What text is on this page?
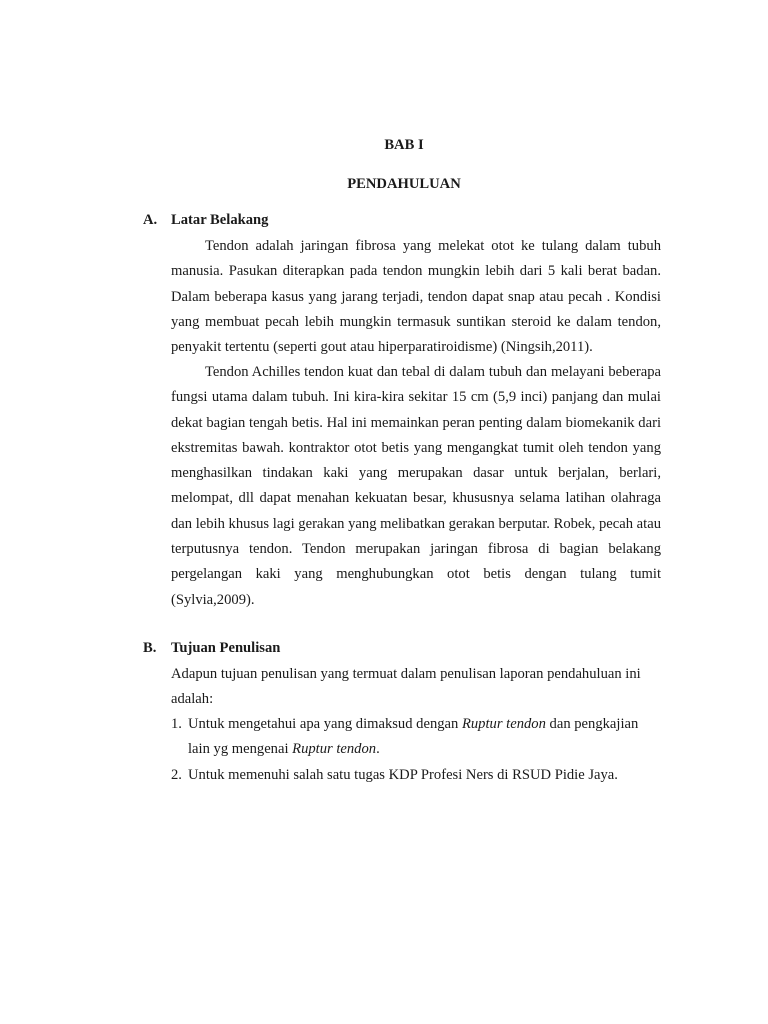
BAB I
PENDAHULUAN
A. Latar Belakang

Tendon adalah jaringan fibrosa yang melekat otot ke tulang dalam tubuh manusia. Pasukan diterapkan pada tendon mungkin lebih dari 5 kali berat badan. Dalam beberapa kasus yang jarang terjadi, tendon dapat snap atau pecah . Kondisi yang membuat pecah lebih mungkin termasuk suntikan steroid ke dalam tendon, penyakit tertentu (seperti gout atau hiperparatiroidisme) (Ningsih,2011).

Tendon Achilles tendon kuat dan tebal di dalam tubuh dan melayani beberapa fungsi utama dalam tubuh. Ini kira-kira sekitar 15 cm (5,9 inci) panjang dan mulai dekat bagian tengah betis. Hal ini memainkan peran penting dalam biomekanik dari ekstremitas bawah. kontraktor otot betis yang mengangkat tumit oleh tendon yang menghasilkan tindakan kaki yang merupakan dasar untuk berjalan, berlari, melompat, dll dapat menahan kekuatan besar, khususnya selama latihan olahraga dan lebih khusus lagi gerakan yang melibatkan gerakan berputar. Robek, pecah atau terputusnya tendon. Tendon merupakan jaringan fibrosa di bagian belakang pergelangan kaki yang menghubungkan otot betis dengan tulang tumit (Sylvia,2009).

B. Tujuan Penulisan

Adapun tujuan penulisan yang termuat dalam penulisan laporan pendahuluan ini adalah:

1. Untuk mengetahui apa yang dimaksud dengan Ruptur tendon dan pengkajian lain yg mengenai Ruptur tendon.
2. Untuk memenuhi salah satu tugas KDP Profesi Ners di RSUD Pidie Jaya.
